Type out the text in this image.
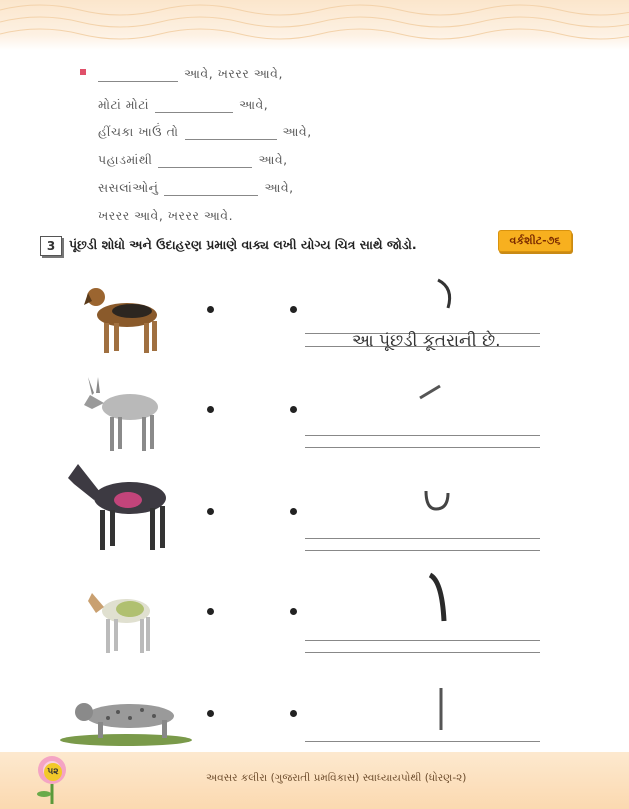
આવે, ખરરર આવે,
મોટાં મોટાં	આવે,
હીંચકા ખાઉં તો	આવે,
પહાડમાંથી	આવે,
સસલાંઓનું	આવે,
ખરરર આવે, ખરરર આવે.
3	પૂંછડી શોધો અને ઉદાહરણ પ્રમાણે વાક્ય લખી યોગ્ય ચિત્ર સાથે જોડો.	વર્કશીટ-૭૬
આ પૂંછડી કૂતરાની છે.
૫૨	અવસર કલીરા (ગુજરાતી પ્રમવિકાસ) સ્વાધ્યાયપોથી (ધોરણ-૨)
